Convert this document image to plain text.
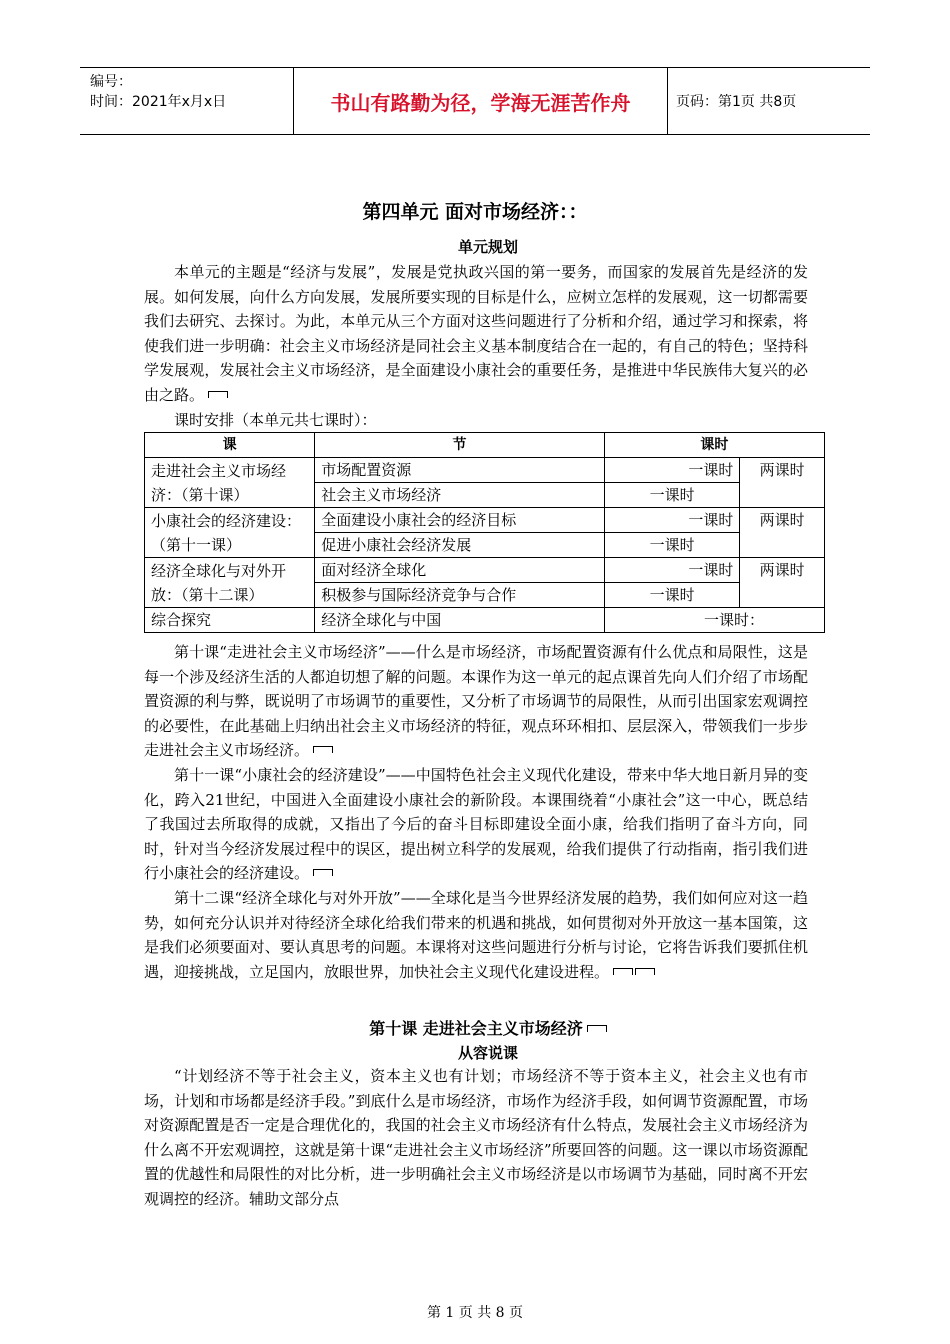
编号：
时间：2021年x月x日	书山有路勤为径，学海无涯苦作舟	页码：第1页 共8页
第四单元 面对市场经济：：
单元规划

本单元的主题是“经济与发展”，发展是党执政兴国的第一要务，而国家的发展首先是经济的发展。如何发展，向什么方向发展，发展所要实现的目标是什么，应树立怎样的发展观，这一切都需要我们去研究、去探讨。为此，本单元从三个方面对这些问题进行了分析和介绍，通过学习和探索，将使我们进一步明确：社会主义市场经济是同社会主义基本制度结合在一起的，有自己的特色；坚持科学发展观，发展社会主义市场经济，是全面建设小康社会的重要任务，是推进中华民族伟大复兴的必由之路。

课时安排（本单元共七课时）：

课	节	课时	
走进社会主义市场经济：（第十课）	市场配置资源	一课时	两课时
	社会主义市场经济	一课时	
小康社会的经济建设：（第十一课）	全面建设小康社会的经济目标	一课时	两课时
	促进小康社会经济发展	一课时	
经济全球化与对外开放：（第十二课）	面对经济全球化	一课时	两课时
	积极参与国际经济竞争与合作	一课时	
综合探究	经济全球化与中国	一课时：	

第十课“走进社会主义市场经济”——什么是市场经济，市场配置资源有什么优点和局限性，这是每一个涉及经济生活的人都迫切想了解的问题。本课作为这一单元的起点课首先向人们介绍了市场配置资源的利与弊，既说明了市场调节的重要性，又分析了市场调节的局限性，从而引出国家宏观调控的必要性，在此基础上归纳出社会主义市场经济的特征，观点环环相扣、层层深入，带领我们一步步走进社会主义市场经济。

第十一课“小康社会的经济建设”——中国特色社会主义现代化建设，带来中华大地日新月异的变化，跨入21世纪，中国进入全面建设小康社会的新阶段。本课围绕着“小康社会”这一中心，既总结了我国过去所取得的成就，又指出了今后的奋斗目标即建设全面小康，给我们指明了奋斗方向，同时，针对当今经济发展过程中的误区，提出树立科学的发展观，给我们提供了行动指南，指引我们进行小康社会的经济建设。

第十二课“经济全球化与对外开放”——全球化是当今世界经济发展的趋势，我们如何应对这一趋势，如何充分认识并对待经济全球化给我们带来的机遇和挑战，如何贯彻对外开放这一基本国策，这是我们必须要面对、要认真思考的问题。本课将对这些问题进行分析与讨论，它将告诉我们要抓住机遇，迎接挑战，立足国内，放眼世界，加快社会主义现代化建设进程。

第十课 走进社会主义市场经济
从容说课

“计划经济不等于社会主义，资本主义也有计划；市场经济不等于资本主义，社会主义也有市场，计划和市场都是经济手段。”到底什么是市场经济，市场作为经济手段，如何调节资源配置，市场对资源配置是否一定是合理优化的，我国的社会主义市场经济有什么特点，发展社会主义市场经济为什么离不开宏观调控，这就是第十课“走进社会主义市场经济”所要回答的问题。这一课以市场资源配置的优越性和局限性的对比分析，进一步明确社会主义市场经济是以市场调节为基础，同时离不开宏观调控的经济。辅助文部分点

第 1 页 共 8 页
